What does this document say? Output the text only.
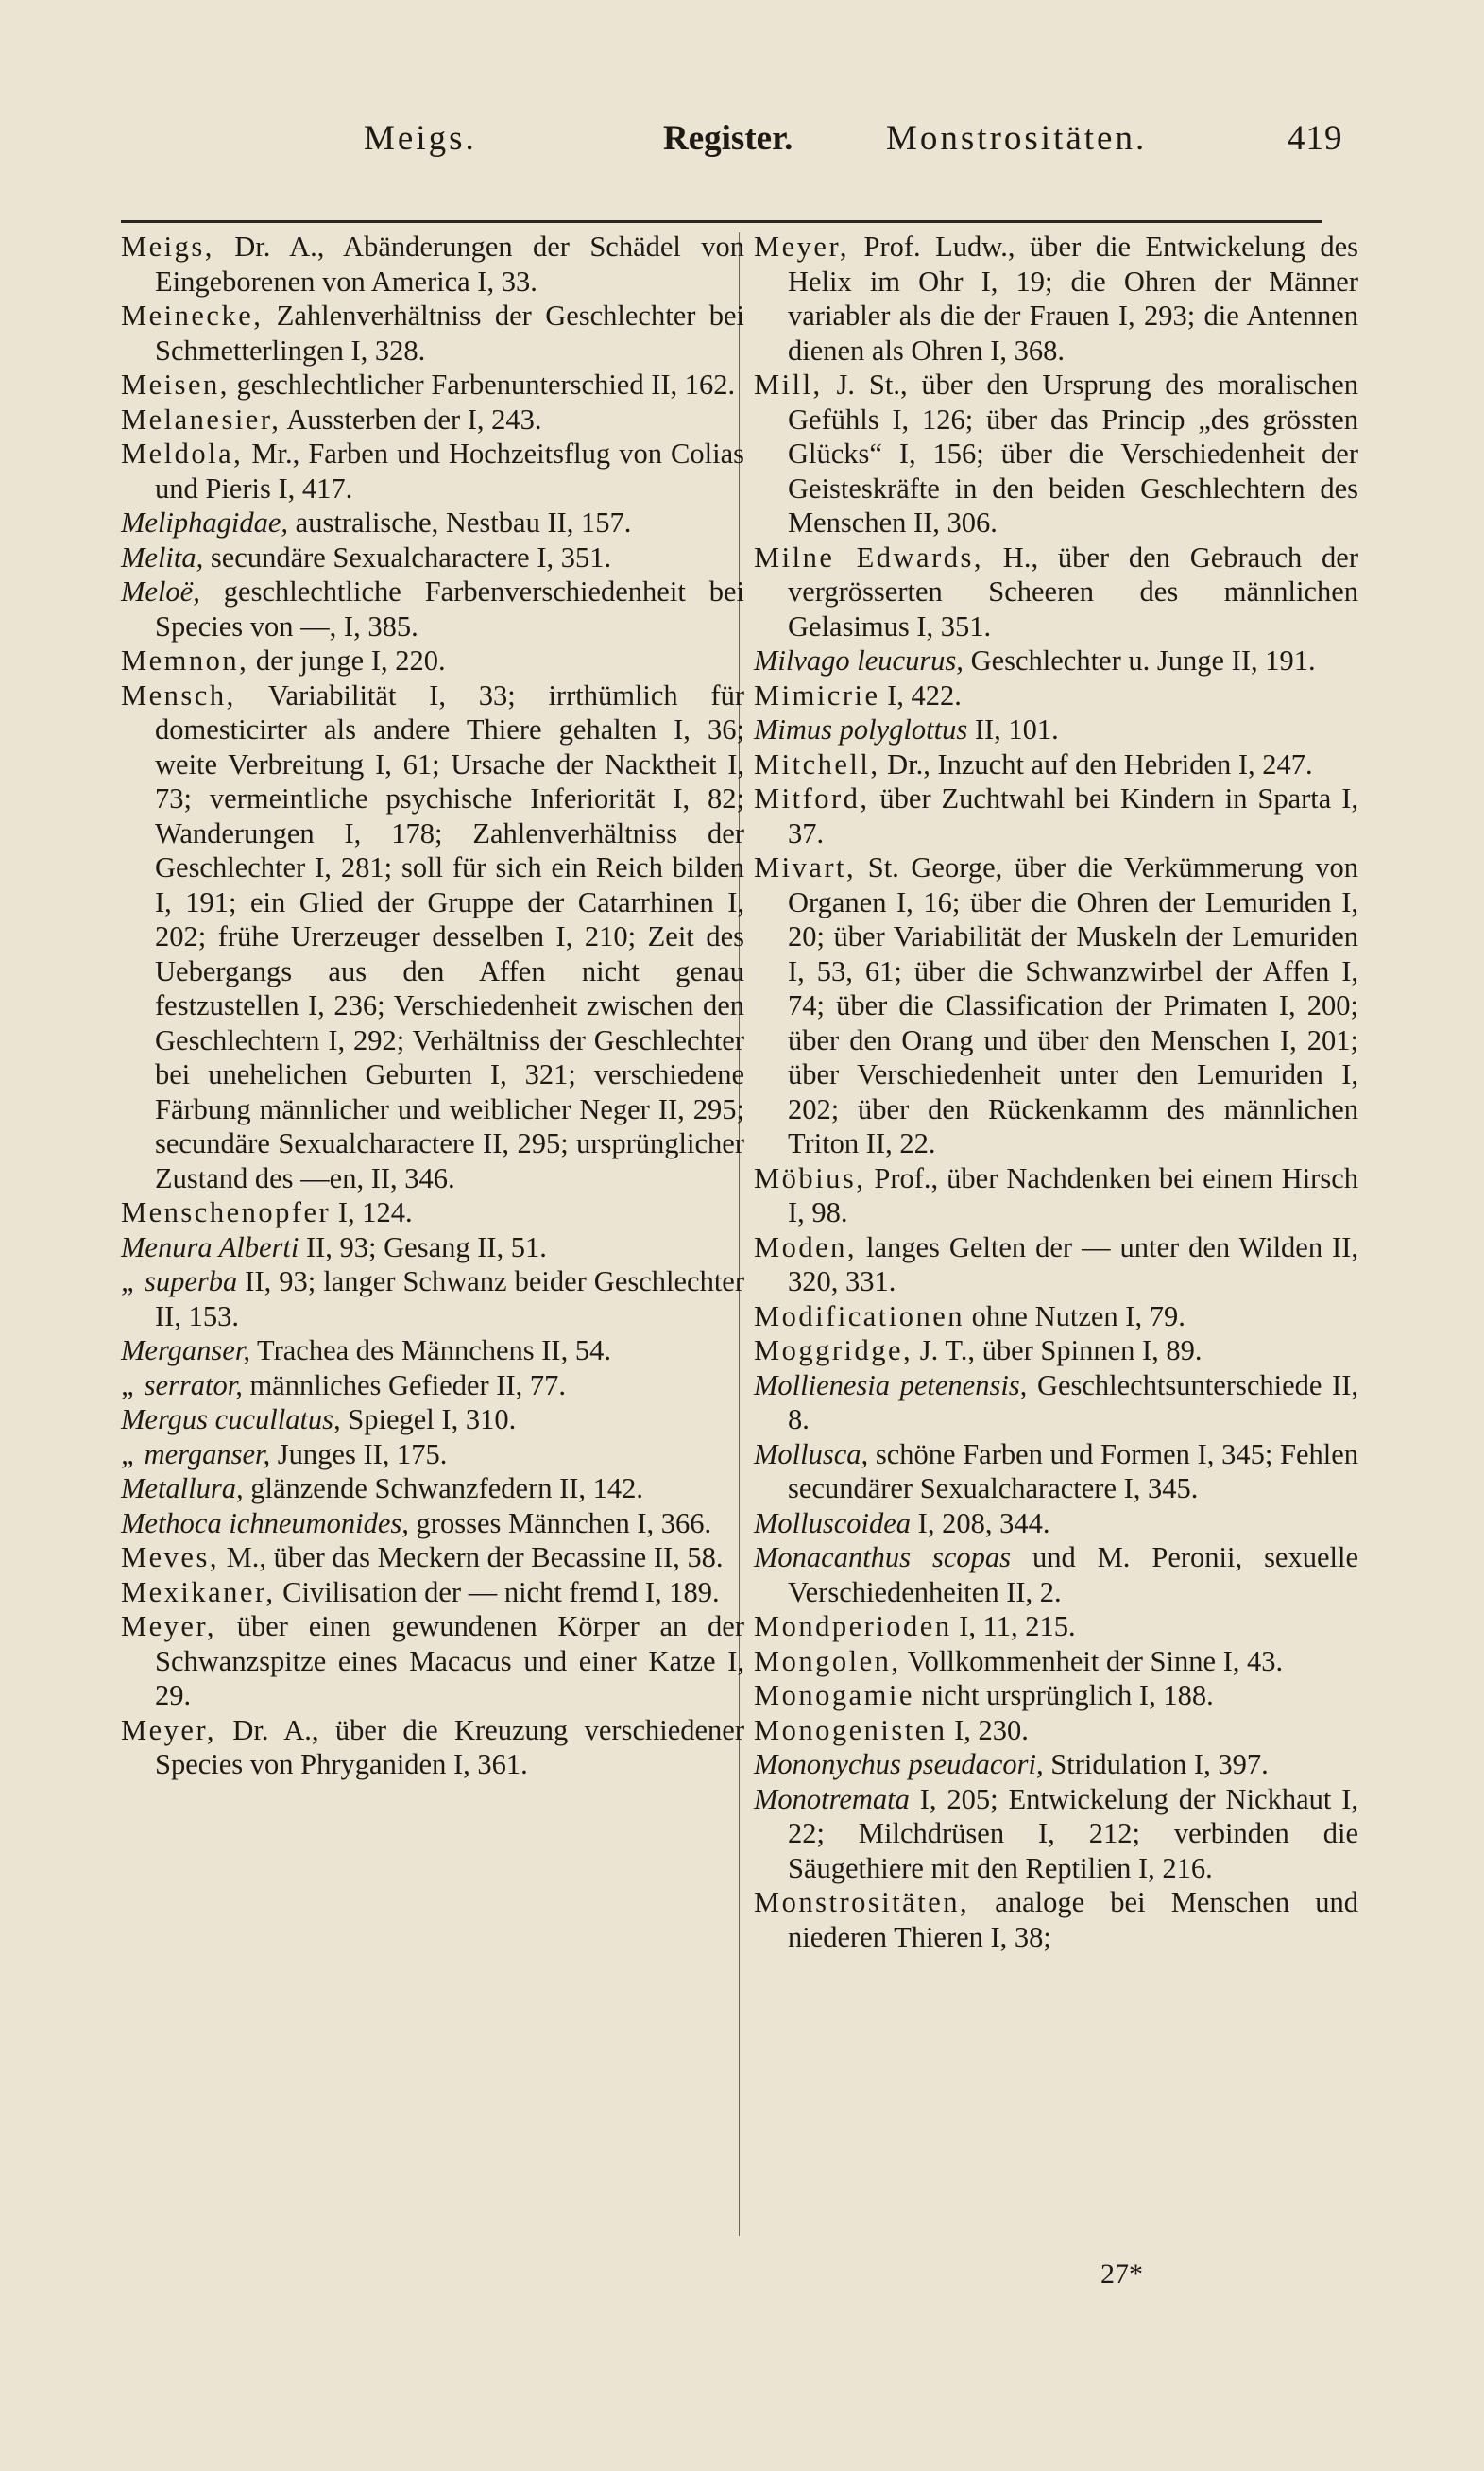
Meigs.	Register.	Monstrositäten.	419

Meigs, Dr. A., Abänderungen der Schädel von Eingeborenen von America I, 33.

Meinecke, Zahlenverhältniss der Geschlechter bei Schmetterlingen I, 328.

Meisen, geschlechtlicher Farbenunterschied II, 162.

Melanesier, Aussterben der I, 243.

Meldola, Mr., Farben und Hochzeitsflug von Colias und Pieris I, 417.

Meliphagidae, australische, Nestbau II, 157.

Melita, secundäre Sexualcharactere I, 351.

Meloë, geschlechtliche Farbenverschiedenheit bei Species von —, I, 385.

Memnon, der junge I, 220.

Mensch, Variabilität I, 33; irrthümlich für domesticirter als andere Thiere gehalten I, 36; weite Verbreitung I, 61; Ursache der Nacktheit I, 73; vermeintliche psychische Inferiorität I, 82; Wanderungen I, 178; Zahlenverhältniss der Geschlechter I, 281; soll für sich ein Reich bilden I, 191; ein Glied der Gruppe der Catarrhinen I, 202; frühe Urerzeuger desselben I, 210; Zeit des Uebergangs aus den Affen nicht genau festzustellen I, 236; Verschiedenheit zwischen den Geschlechtern I, 292; Verhältniss der Geschlechter bei unehelichen Geburten I, 321; verschiedene Färbung männlicher und weiblicher Neger II, 295; secundäre Sexualcharactere II, 295; ursprünglicher Zustand des —en, II, 346.

Menschenopfer I, 124.

Menura Alberti II, 93; Gesang II, 51.

„ superba II, 93; langer Schwanz beider Geschlechter II, 153.

Merganser, Trachea des Männchens II, 54.

„ serrator, männliches Gefieder II, 77.

Mergus cucullatus, Spiegel I, 310.

„ merganser, Junges II, 175.

Metallura, glänzende Schwanzfedern II, 142.

Methoca ichneumonides, grosses Männchen I, 366.

Meves, M., über das Meckern der Becassine II, 58.

Mexikaner, Civilisation der — nicht fremd I, 189.

Meyer, über einen gewundenen Körper an der Schwanzspitze eines Macacus und einer Katze I, 29.

Meyer, Dr. A., über die Kreuzung verschiedener Species von Phryganiden I, 361.

Meyer, Prof. Ludw., über die Entwickelung des Helix im Ohr I, 19; die Ohren der Männer variabler als die der Frauen I, 293; die Antennen dienen als Ohren I, 368.

Mill, J. St., über den Ursprung des moralischen Gefühls I, 126; über das Princip „des grössten Glücks“ I, 156; über die Verschiedenheit der Geisteskräfte in den beiden Geschlechtern des Menschen II, 306.

Milne Edwards, H., über den Gebrauch der vergrösserten Scheeren des männlichen Gelasimus I, 351.

Milvago leucurus, Geschlechter u. Junge II, 191.

Mimicrie I, 422.

Mimus polyglottus II, 101.

Mitchell, Dr., Inzucht auf den Hebriden I, 247.

Mitford, über Zuchtwahl bei Kindern in Sparta I, 37.

Mivart, St. George, über die Verkümmerung von Organen I, 16; über die Ohren der Lemuriden I, 20; über Variabilität der Muskeln der Lemuriden I, 53, 61; über die Schwanzwirbel der Affen I, 74; über die Classification der Primaten I, 200; über den Orang und über den Menschen I, 201; über Verschiedenheit unter den Lemuriden I, 202; über den Rückenkamm des männlichen Triton II, 22.

Möbius, Prof., über Nachdenken bei einem Hirsch I, 98.

Moden, langes Gelten der — unter den Wilden II, 320, 331.

Modificationen ohne Nutzen I, 79.

Moggridge, J. T., über Spinnen I, 89.

Mollienesia petenensis, Geschlechtsunterschiede II, 8.

Mollusca, schöne Farben und Formen I, 345; Fehlen secundärer Sexualcharactere I, 345.

Molluscoidea I, 208, 344.

Monacanthus scopas und M. Peronii, sexuelle Verschiedenheiten II, 2.

Mondperioden I, 11, 215.

Mongolen, Vollkommenheit der Sinne I, 43.

Monogamie nicht ursprünglich I, 188.

Monogenisten I, 230.

Mononychus pseudacori, Stridulation I, 397.

Monotremata I, 205; Entwickelung der Nickhaut I, 22; Milchdrüsen I, 212; verbinden die Säugethiere mit den Reptilien I, 216.

Monstrositäten, analoge bei Menschen und niederen Thieren I, 38;

27*
